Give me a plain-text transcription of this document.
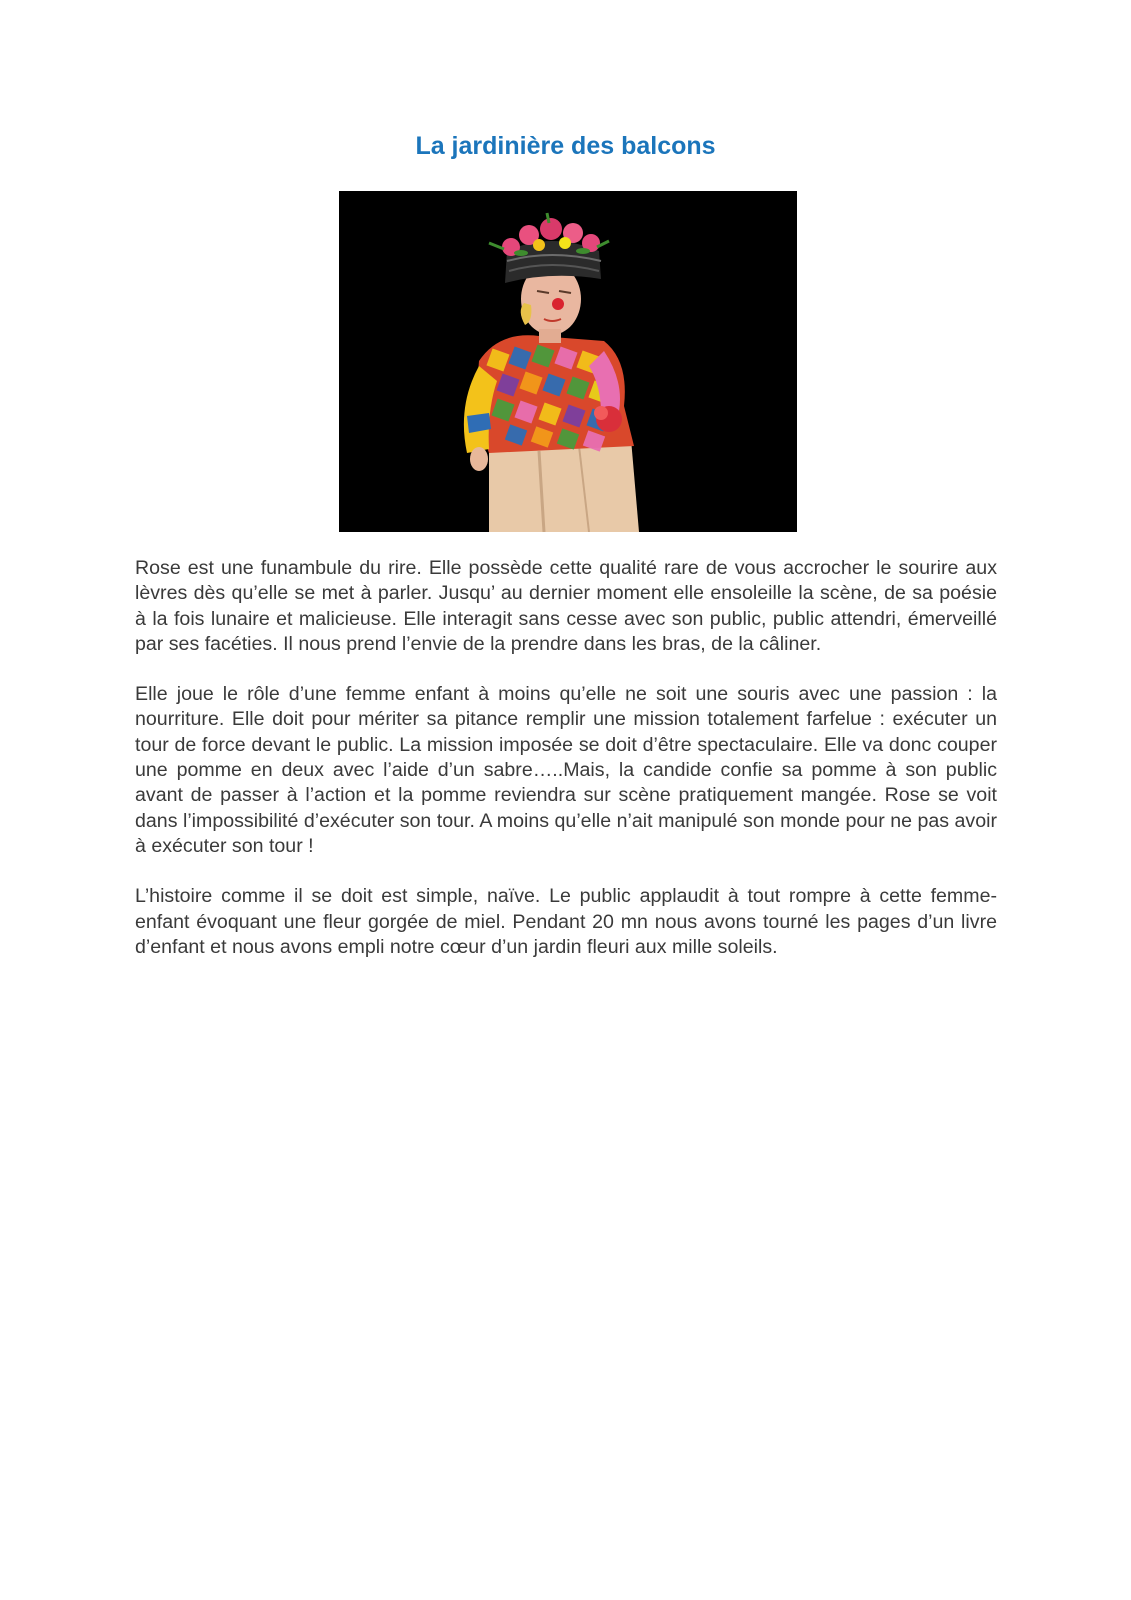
La jardinière des balcons

Rose est une funambule du rire. Elle possède cette qualité rare de vous accrocher le sourire aux lèvres dès qu’elle se met à parler. Jusqu’ au dernier moment elle ensoleille la scène, de sa poésie à la fois lunaire et malicieuse. Elle interagit sans cesse avec son public, public attendri, émerveillé par ses facéties. Il nous prend l’envie de la prendre dans les bras, de la câliner.

Elle joue le rôle d’une femme enfant à moins qu’elle ne soit une souris avec une passion : la nourriture. Elle doit pour mériter sa pitance remplir une mission totalement farfelue : exécuter un tour de force devant le public. La mission imposée se doit d’être spectaculaire. Elle va donc couper une pomme en deux avec l’aide d’un sabre…..Mais, la candide confie sa pomme à son public avant de passer à l’action et la pomme reviendra sur scène pratiquement mangée. Rose se voit dans l’impossibilité d’exécuter son tour. A moins qu’elle n’ait manipulé son monde pour ne pas avoir à exécuter son tour !

L’histoire comme il se doit est simple, naïve. Le public applaudit à tout rompre à cette femme-enfant évoquant une fleur gorgée de miel. Pendant 20 mn nous avons tourné les pages d’un livre d’enfant et nous avons empli notre cœur d’un jardin fleuri aux mille soleils.
